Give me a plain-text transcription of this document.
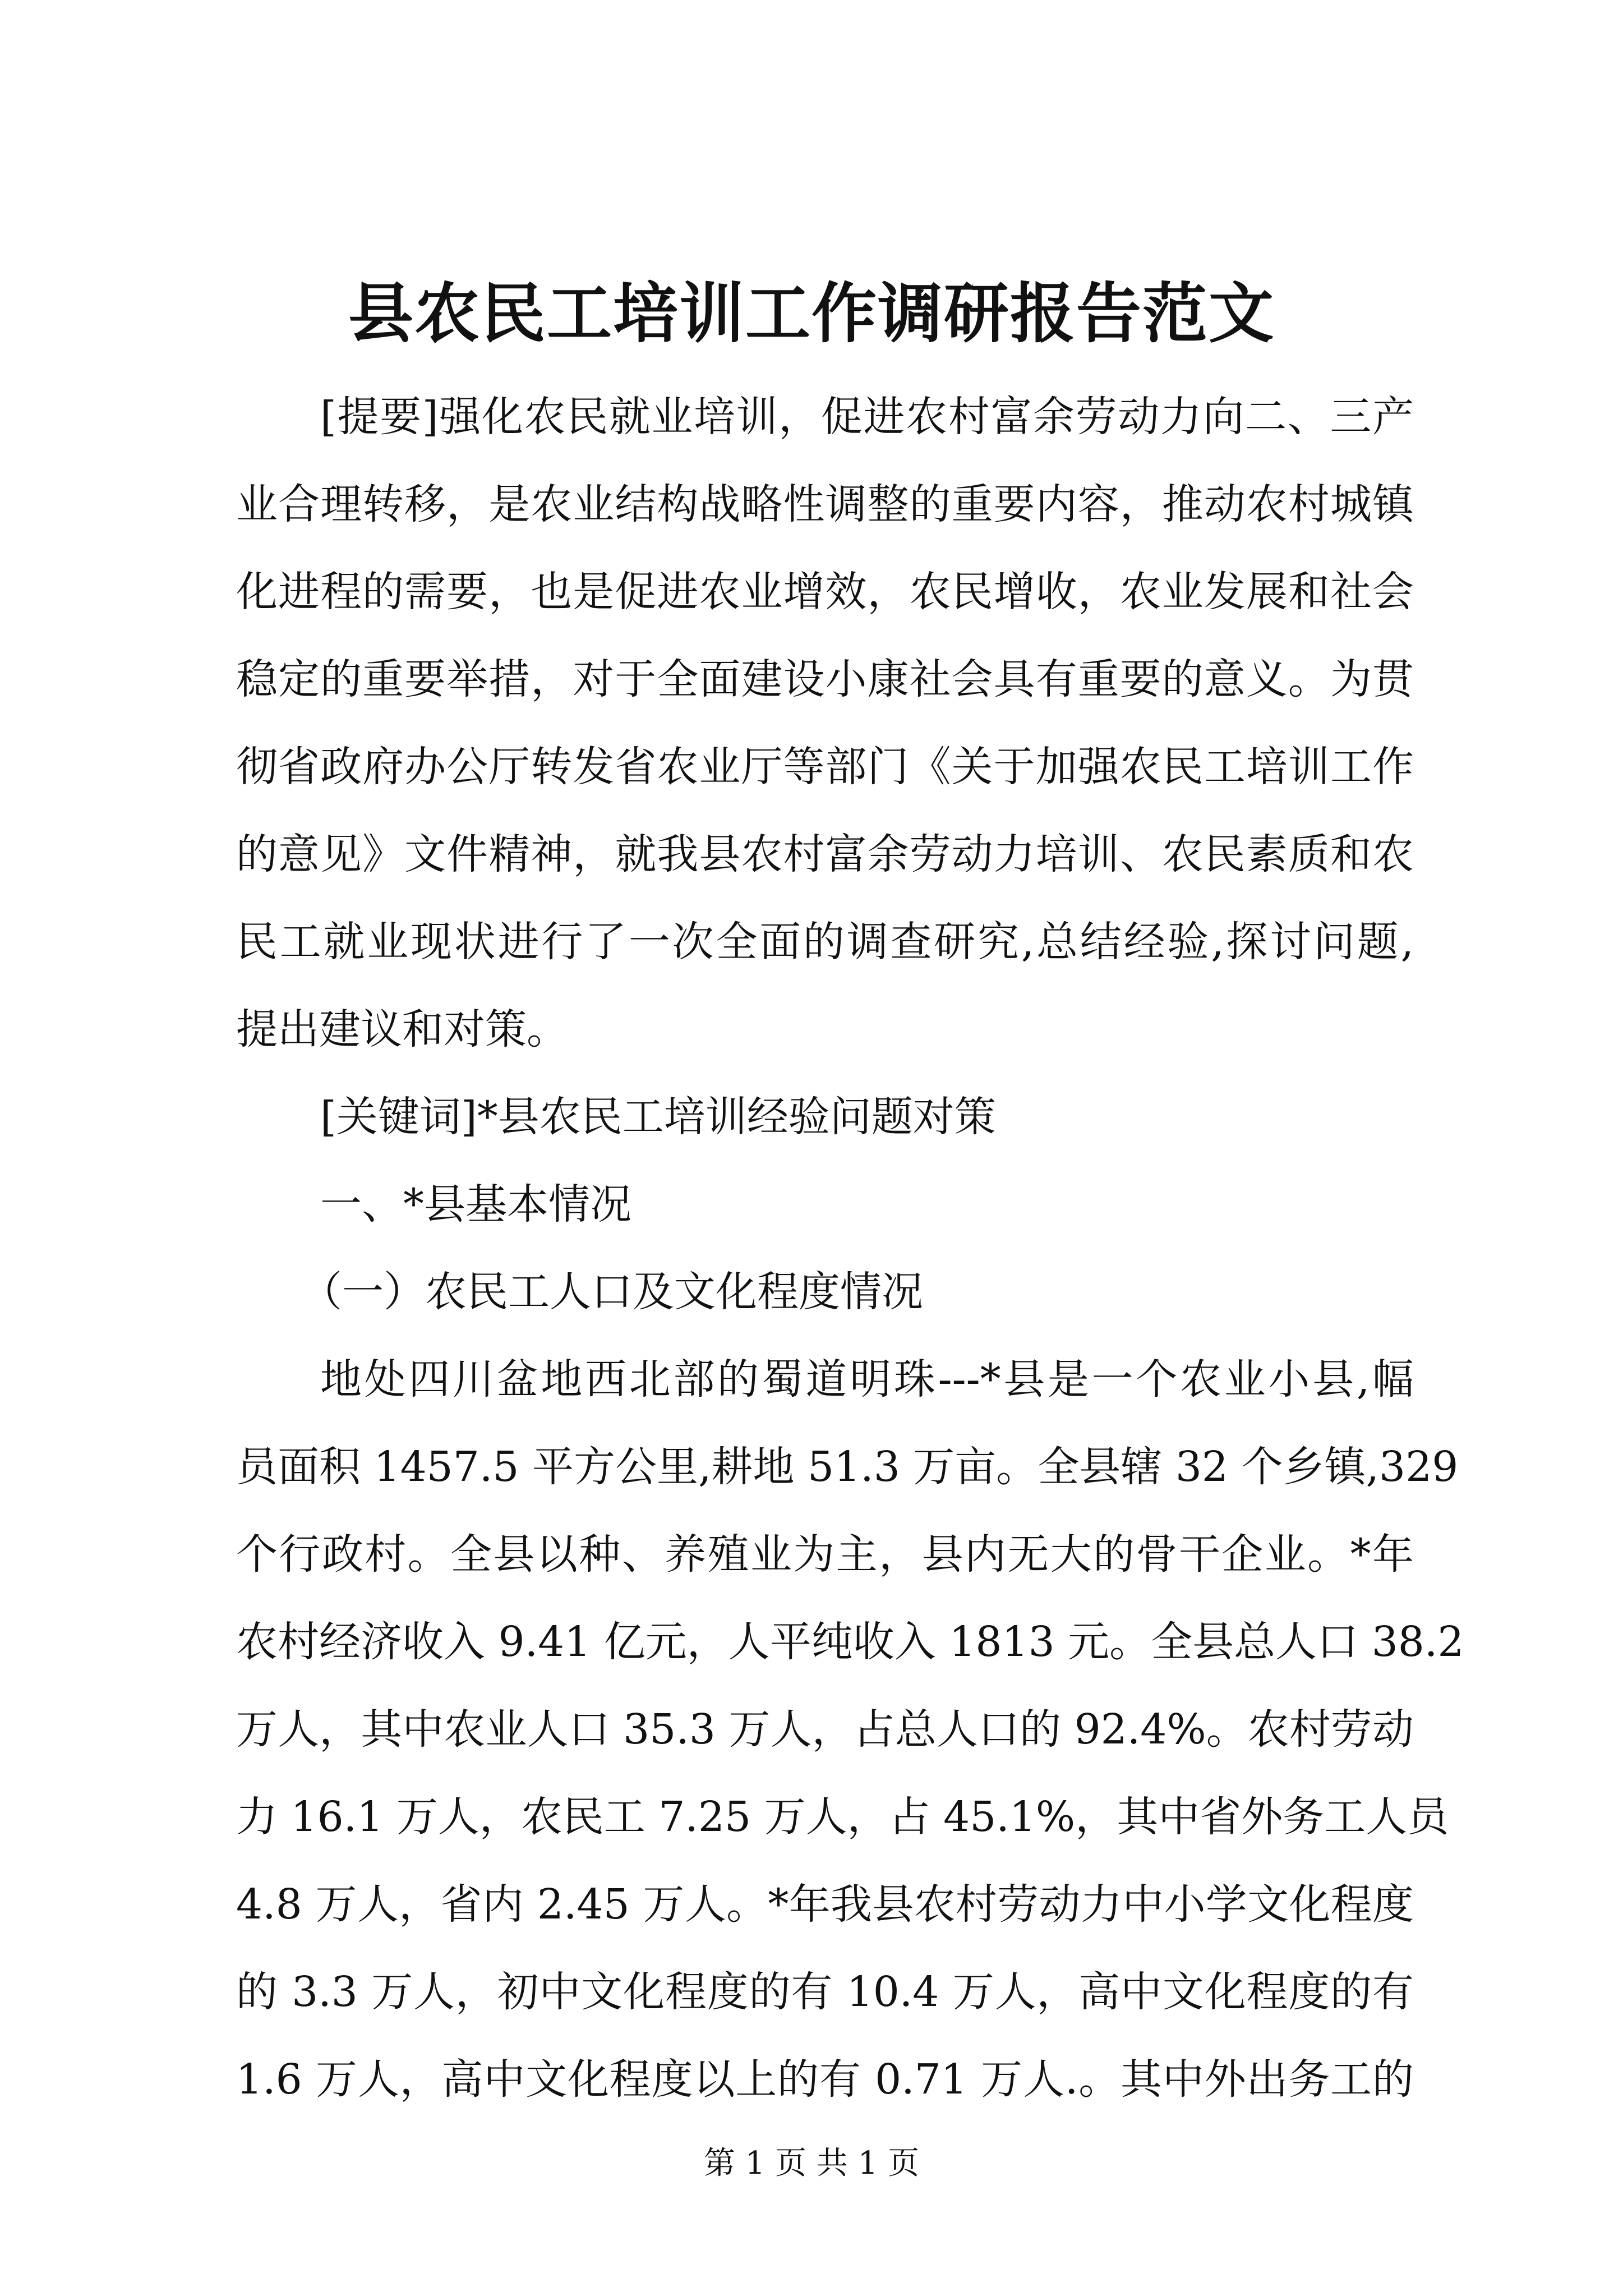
县农民工培训工作调研报告范文

[提要]强化农民就业培训，促进农村富余劳动力向二、三产

业合理转移，是农业结构战略性调整的重要内容，推动农村城镇

化进程的需要，也是促进农业增效，农民增收，农业发展和社会

稳定的重要举措，对于全面建设小康社会具有重要的意义。为贯

彻省政府办公厅转发省农业厅等部门《关于加强农民工培训工作

的意见》文件精神，就我县农村富余劳动力培训、农民素质和农

民工就业现状进行了一次全面的调查研究,总结经验,探讨问题,

提出建议和对策。

[关键词]*县农民工培训经验问题对策

一、*县基本情况

（一）农民工人口及文化程度情况

地处四川盆地西北部的蜀道明珠---*县是一个农业小县,幅

员面积 1457.5 平方公里,耕地 51.3 万亩。全县辖 32 个乡镇,329

个行政村。全县以种、养殖业为主，县内无大的骨干企业。*年

农村经济收入 9.41 亿元，人平纯收入 1813 元。全县总人口 38.2

万人，其中农业人口 35.3 万人，占总人口的 92.4%。农村劳动

力 16.1 万人，农民工 7.25 万人，占 45.1%，其中省外务工人员

4.8 万人，省内 2.45 万人。*年我县农村劳动力中小学文化程度

的 3.3 万人，初中文化程度的有 10.4 万人，高中文化程度的有

1.6 万人，高中文化程度以上的有 0.71 万人.。其中外出务工的

第 1 页 共 1 页
